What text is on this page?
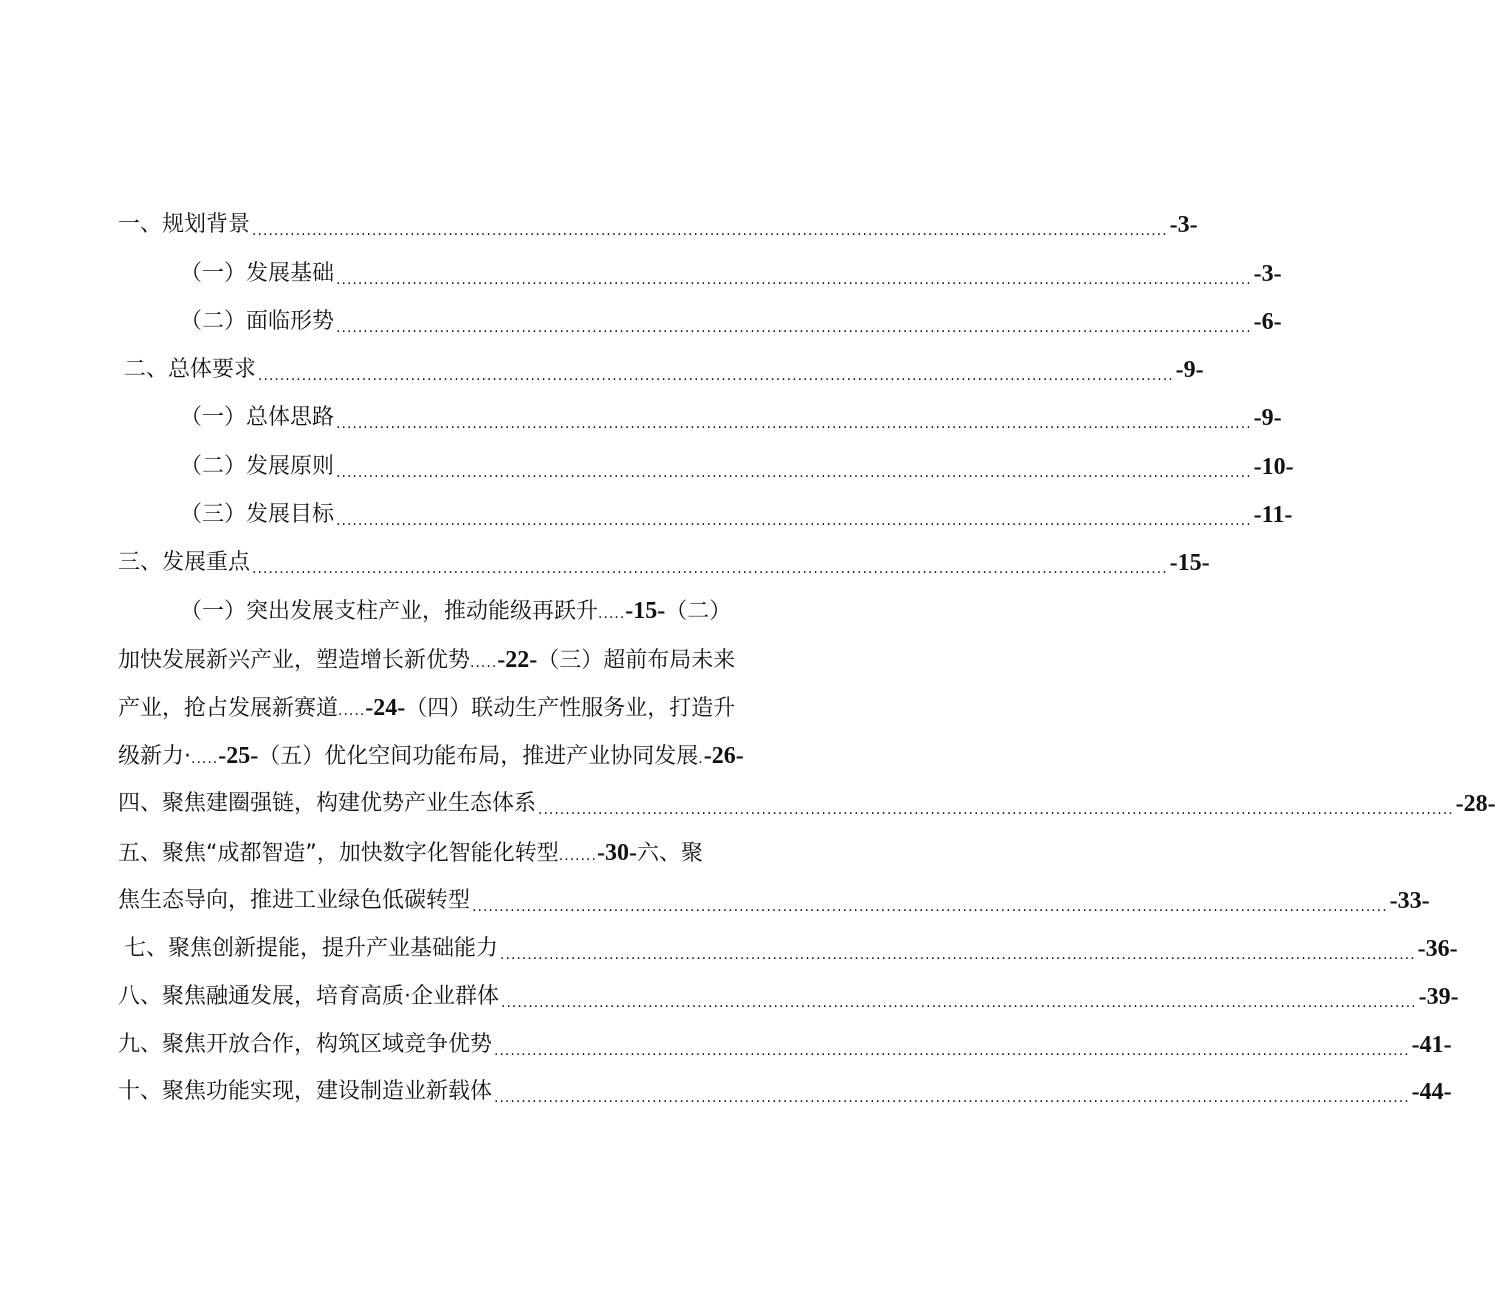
一、规划背景 ........................................................................................................................................................................ -3-
（一）发展基础 ........................................................................................................................................................................ -3-
（二）面临形势 ........................................................................................................................................................................ -6-
二、总体要求 ........................................................................................................................................................................ -9-
（一）总体思路 ........................................................................................................................................................................ -9-
（二）发展原则 ........................................................................................................................................................................ -10-
（三）发展目标 ........................................................................................................................................................................ -11-
三、发展重点 ........................................................................................................................................................................ -15-
（一）突出发展支柱产业，推动能级再跃升.....-15-（二）
加快发展新兴产业，塑造增长新优势.....-22-（三）超前布局未来
产业，抢占发展新赛道.....-24-（四）联动生产性服务业，打造升
级新力·.....-25-（五）优化空间功能布局，推进产业协同发展.-26-
四、聚焦建圈强链，构建优势产业生态体系 ........................................................................................................................................................................ -28-
五、聚焦“成都智造”，加快数字化智能化转型.......-30-六、聚
焦生态导向，推进工业绿色低碳转型 ........................................................................................................................................................................ -33-
七、聚焦创新提能，提升产业基础能力 ........................................................................................................................................................................ -36-
八、聚焦融通发展，培育高质·企业群体 ........................................................................................................................................................................ -39-
九、聚焦开放合作，构筑区域竞争优势 ........................................................................................................................................................................ -41-
十、聚焦功能实现，建设制造业新载体 ........................................................................................................................................................................ -44-
